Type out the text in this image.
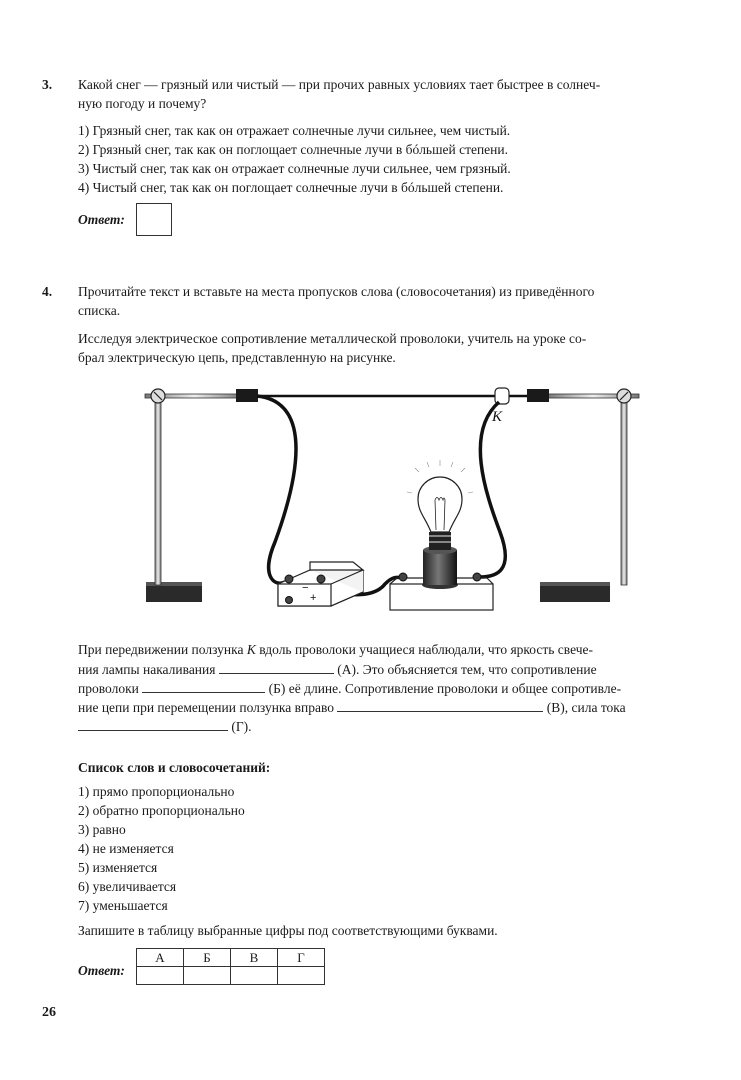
3. Какой снег — грязный или чистый — при прочих равных условиях тает быстрее в солнеч-
ную погоду и почему?
1) Грязный снег, так как он отражает солнечные лучи сильнее, чем чистый.
2) Грязный снег, так как он поглощает солнечные лучи в бóльшей степени.
3) Чистый снег, так как он отражает солнечные лучи сильнее, чем грязный.
4) Чистый снег, так как он поглощает солнечные лучи в бóльшей степени.
Ответ:
4. Прочитайте текст и вставьте на места пропусков слова (словосочетания) из приведённого
списка.
Исследуя электрическое сопротивление металлической проволоки, учитель на уроке со-
брал электрическую цепь, представленную на рисунке.
K
−
+
При передвижении ползунка K вдоль проволоки учащиеся наблюдали, что яркость свече-
ния лампы накаливания	(А). Это объясняется тем, что сопротивление
проволоки	(Б) её длине. Сопротивление проволоки и общее сопротивле-
ние цепи при перемещении ползунка вправо	(В), сила тока
(Г).
Список слов и словосочетаний:
1) прямо пропорционально
2) обратно пропорционально
3) равно
4) не изменяется
5) изменяется
6) увеличивается
7) уменьшается
Запишите в таблицу выбранные цифры под соответствующими буквами.
Ответ:
А	Б	В	Г

26
